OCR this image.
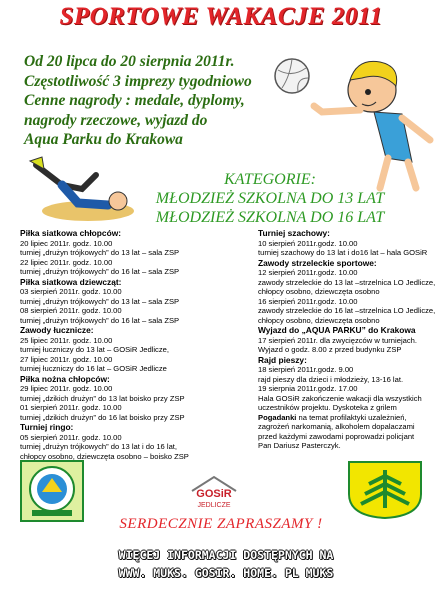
SPORTOWE WAKACJE 2011
Od 20 lipca do 20 sierpnia 2011r.
Częstotliwość 3 imprezy tygodniowo
Cenne nagrody : medale, dyplomy,
nagrody rzeczowe, wyjazd do
Aqua Parku do Krakowa
KATEGORIE:
MŁODZIEŻ SZKOLNA DO 13 LAT
MŁODZIEŻ SZKOLNA DO 16 LAT
Piłka siatkowa chłopców:
20 lipiec 2011r. godz. 10.00
turniej „drużyn trójkowych” do 13 lat – sala ZSP
22 lipiec 2011r. godz. 10.00
turniej „drużyn trójkowych” do 16 lat – sala ZSP
Piłka siatkowa dziewcząt:
03 sierpień 2011r. godz. 10.00
turniej „drużyn trójkowych” do 13 lat – sala ZSP
08 sierpień 2011r. godz. 10.00
turniej „drużyn trójkowych” do 16 lat – sala ZSP
Zawody łucznicze:
25 lipiec 2011r. godz. 10.00
turniej łuczniczy do 13 lat – GOSiR Jedlicze,
27 lipiec 2011r. godz. 10.00
turniej łuczniczy do 16 lat – GOSiR Jedlicze
Piłka nożna chłopców:
29 lipiec 2011r. godz. 10.00
turniej „dzikich drużyn” do 13 lat boisko przy ZSP
01 sierpień 2011r. godz. 10.00
turniej „dzikich drużyn” do 16 lat boisko przy ZSP
Turniej ringo:
05 sierpień 2011r. godz. 10.00
turniej „drużyn trójkowych” do 13 lat i do 16 lat,
chłopcy osobno, dziewczęta osobno – boisko ZSP
Turniej szachowy:
10 sierpień 2011r.godz. 10.00
turniej szachowy do 13 lat i do16 lat – hala GOSiR
Zawody strzeleckie sportowe:
12 sierpień 2011r.godz. 10.00
zawody strzeleckie do 13 lat –strzelnica LO Jedlicze,
chłopcy osobno, dziewczęta osobno
16 sierpień 2011r.godz. 10.00
zawody strzeleckie do 16 lat –strzelnica LO Jedlicze,
chłopcy osobno, dziewczęta osobno
Wyjazd do „AQUA PARKU” do Krakowa
17 sierpień 2011r. dla zwycięzców w turniejach.
Wyjazd o godz. 8.00 z przed budynku ZSP
Rajd pieszy:
18 sierpień 2011r.godz. 9.00
rajd pieszy dla dzieci i młodzieży, 13-16 lat.
19 sierpnia 2011r.godz. 17.00
Hala GOSiR zakończenie wakacji dla wszystkich
uczestników projektu. Dyskoteka z grilem
Pogadanki na temat profilaktyki uzależnień,
zagrożeń narkomanią, alkoholem dopalaczami
przed każdymi zawodami poprowadzi policjant
Pan Dariusz Pasterczyk.
GOSiR
JEDLICZE
SERDECZNIE ZAPRASZAMY !
WIĘCEJ INFORMACJI DOSTĘPNYCH NA
WWW. MUKS. GOSIR. HOME. PL MUKS
